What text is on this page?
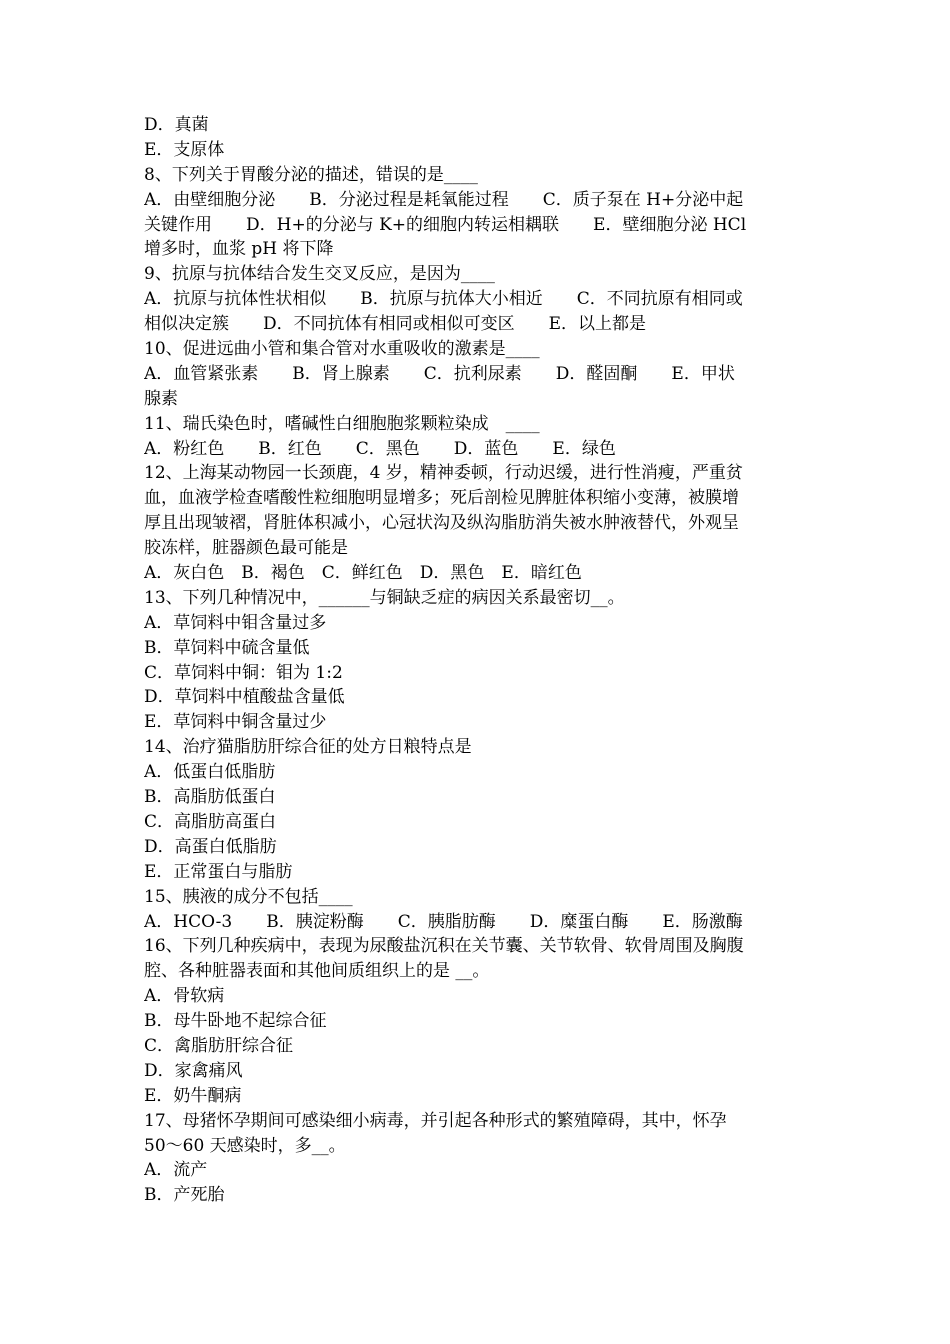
D．真菌
E．支原体
8、下列关于胃酸分泌的描述，错误的是____
A．由壁细胞分泌　　B．分泌过程是耗氧能过程　　C．质子泵在 H+分泌中起
关键作用　　D．H+的分泌与 K+的细胞内转运相耦联　　E．壁细胞分泌 HCl
增多时，血浆 pH 将下降
9、抗原与抗体结合发生交叉反应，是因为____
A．抗原与抗体性状相似　　B．抗原与抗体大小相近　　C．不同抗原有相同或
相似决定簇　　D．不同抗体有相同或相似可变区　　E．以上都是
10、促进远曲小管和集合管对水重吸收的激素是____
A．血管紧张素　　B．肾上腺素　　C．抗利尿素　　D．醛固酮　　E．甲状
腺素
11、瑞氏染色时，嗜碱性白细胞胞浆颗粒染成　____
A．粉红色　　B．红色　　C．黑色　　D．蓝色　　E．绿色
12、上海某动物园一长颈鹿，4 岁，精神委顿，行动迟缓，进行性消瘦，严重贫
血，血液学检查嗜酸性粒细胞明显增多；死后剖检见脾脏体积缩小变薄，被膜增
厚且出现皱褶，肾脏体积减小，心冠状沟及纵沟脂肪消失被水肿液替代，外观呈
胶冻样，脏器颜色最可能是
A．灰白色　B．褐色　C．鲜红色　D．黑色　E．暗红色
13、下列几种情况中，______与铜缺乏症的病因关系最密切__。
A．草饲料中钼含量过多
B．草饲料中硫含量低
C．草饲料中铜：钼为 1:2
D．草饲料中植酸盐含量低
E．草饲料中铜含量过少
14、治疗猫脂肪肝综合征的处方日粮特点是
A．低蛋白低脂肪
B．高脂肪低蛋白
C．高脂肪高蛋白
D．高蛋白低脂肪
E．正常蛋白与脂肪
15、胰液的成分不包括____
A．HCO-3　　B．胰淀粉酶　　C．胰脂肪酶　　D．糜蛋白酶　　E．肠激酶
16、下列几种疾病中，表现为尿酸盐沉积在关节囊、关节软骨、软骨周围及胸腹
腔、各种脏器表面和其他间质组织上的是 __。
A．骨软病
B．母牛卧地不起综合征
C．禽脂肪肝综合征
D．家禽痛风
E．奶牛酮病
17、母猪怀孕期间可感染细小病毒，并引起各种形式的繁殖障碍，其中，怀孕
50～60 天感染时，多__。
A．流产
B．产死胎
